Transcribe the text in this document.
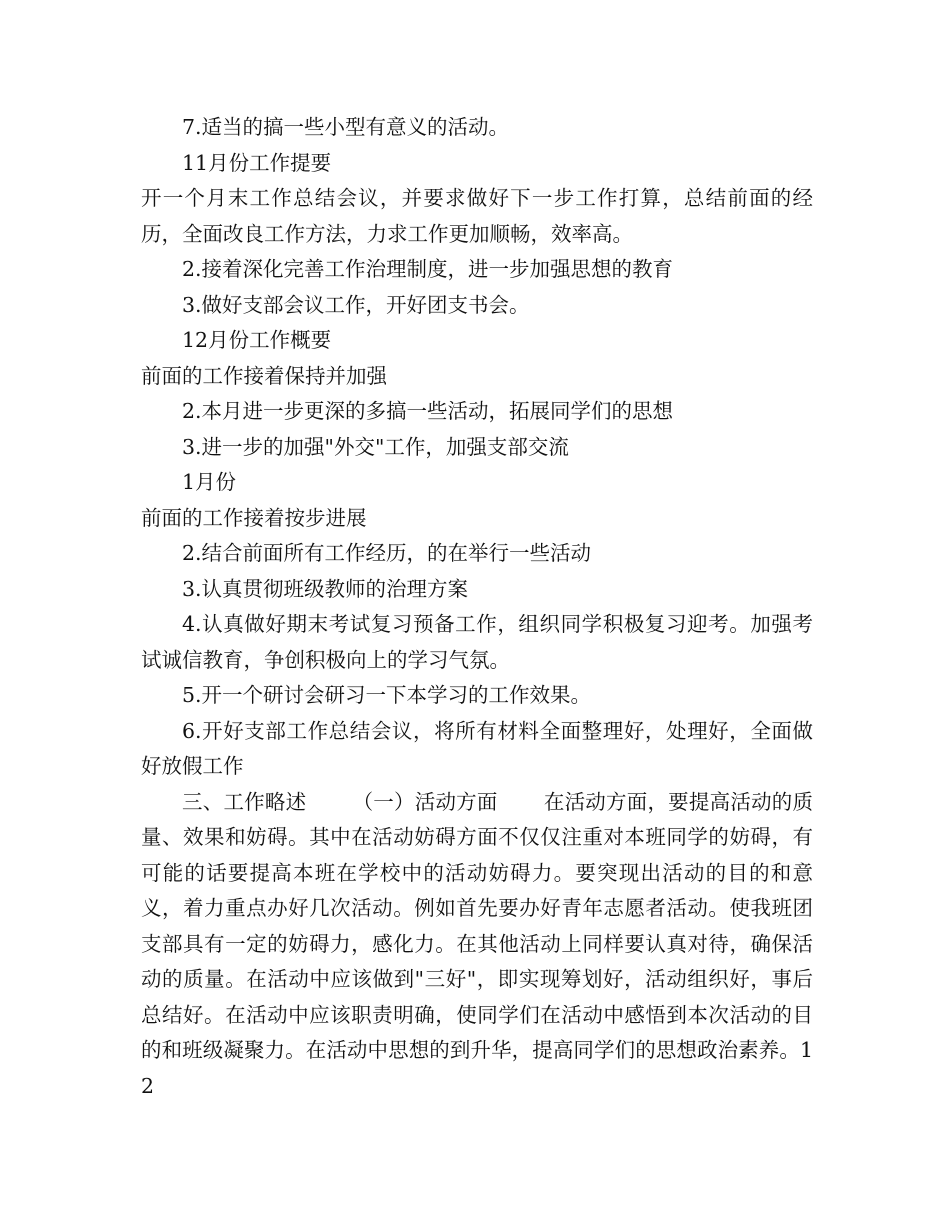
7.适当的搞一些小型有意义的活动。

11月份工作提要

开一个月末工作总结会议，并要求做好下一步工作打算，总结前面的经历，全面改良工作方法，力求工作更加顺畅，效率高。

2.接着深化完善工作治理制度，进一步加强思想的教育

3.做好支部会议工作，开好团支书会。

12月份工作概要

前面的工作接着保持并加强

2.本月进一步更深的多搞一些活动，拓展同学们的思想

3.进一步的加强"外交"工作，加强支部交流

1月份

前面的工作接着按步进展

2.结合前面所有工作经历，的在举行一些活动

3.认真贯彻班级教师的治理方案

4.认真做好期末考试复习预备工作，组织同学积极复习迎考。加强考试诚信教育，争创积极向上的学习气氛。

5.开一个研讨会研习一下本学习的工作效果。

6.开好支部工作总结会议，将所有材料全面整理好，处理好，全面做好放假工作

三、工作略述 （一）活动方面 在活动方面，要提高活动的质量、效果和妨碍。其中在活动妨碍方面不仅仅注重对本班同学的妨碍，有可能的话要提高本班在学校中的活动妨碍力。要突现出活动的目的和意义，着力重点办好几次活动。例如首先要办好青年志愿者活动。使我班团支部具有一定的妨碍力，感化力。在其他活动上同样要认真对待，确保活动的质量。在活动中应该做到"三好"，即实现筹划好，活动组织好，事后总结好。在活动中应该职责明确，使同学们在活动中感悟到本次活动的目的和班级凝聚力。在活动中思想的到升华，提高同学们的思想政治素养。12
